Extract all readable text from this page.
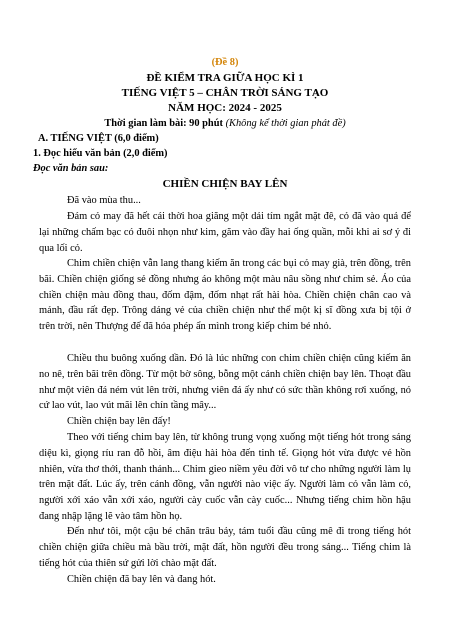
(Đề 8)
ĐỀ KIỂM TRA GIỮA HỌC KÌ 1
TIẾNG VIỆT 5 – CHÂN TRỜI SÁNG TẠO
NĂM HỌC: 2024 - 2025
Thời gian làm bài: 90 phút (Không kể thời gian phát đề)
A. TIẾNG VIỆT (6,0 điểm)
1. Đọc hiểu văn bản (2,0 điểm)
Đọc văn bản sau:
CHIỀN CHIỆN BAY LÊN

Đã vào mùa thu...

Đám cỏ may đã hết cái thời hoa giăng một dải tím ngắt mặt đê, cỏ đã vào quả để lại những chấm bạc có đuôi nhọn như kim, găm vào đầy hai ống quần, mỗi khi ai sơ ý đi qua lối cỏ.

Chim chiền chiện vẫn lang thang kiếm ăn trong các bụi cỏ may già, trên đồng, trên bãi. Chiền chiện giống sẻ đồng nhưng áo không một màu nâu sồng như chim sẻ. Áo của chiền chiện màu đồng thau, đốm đậm, đốm nhạt rất hài hòa. Chiền chiện chân cao và mảnh, đầu rất đẹp. Trông dáng vẻ của chiền chiện như thể một kị sĩ đồng xưa bị tội ở trên trời, nên Thượng đế đã hóa phép ẩn mình trong kiếp chim bé nhỏ.

Chiều thu buông xuống dần. Đó là lúc những con chim chiền chiện cũng kiếm ăn no nê, trên bãi trên đồng. Từ một bờ sông, bỗng một cánh chiền chiện bay lên. Thoạt đầu như một viên đá ném vút lên trời, nhưng viên đá ấy như có sức thần không rơi xuống, nó cứ lao vút, lao vút mãi lên chín tầng mây...

Chiền chiện bay lên đấy!

Theo với tiếng chim bay lên, từ không trung vọng xuống một tiếng hót trong sáng diệu kì, giọng ríu ran đỗ hồi, âm điệu hài hòa đến tinh tế. Giọng hót vừa được vẻ hồn nhiên, vừa thơ thới, thanh thảnh... Chim gieo niềm yêu đời vô tư cho những người làm lụ trên mặt đất. Lúc ấy, trên cánh đồng, vẫn người nào việc ấy. Người làm cỏ vẫn làm cỏ, người xới xáo vẫn xới xáo, người cày cuốc vẫn cày cuốc... Nhưng tiếng chim hồn hậu đang nhập lặng lẽ vào tâm hồn họ.

Đến như tôi, một cậu bé chăn trâu bảy, tám tuổi đầu cũng mê đi trong tiếng hót chiền chiện giữa chiều mà bầu trời, mặt đất, hồn người đều trong sáng... Tiếng chim là tiếng hót của thiên sứ gửi lời chào mặt đất.

Chiền chiện đã bay lên và đang hót.
